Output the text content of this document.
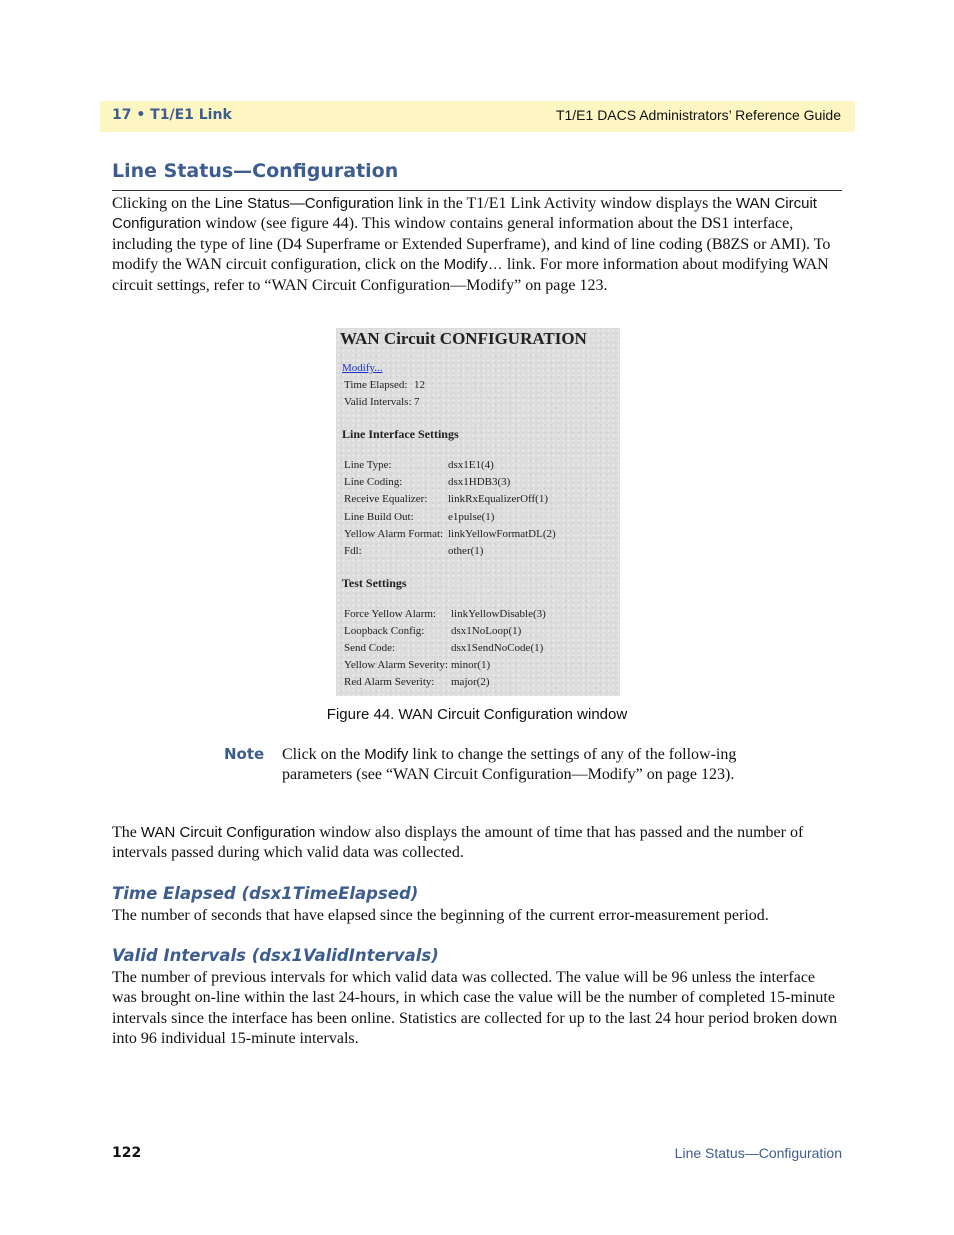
17 • T1/E1 Link	T1/E1 DACS Administrators’ Reference Guide
Line Status—Configuration

Clicking on the Line Status—Configuration link in the T1/E1 Link Activity window displays the WAN Circuit Configuration window (see figure 44). This window contains general information about the DS1 interface, including the type of line (D4 Superframe or Extended Superframe), and kind of line coding (B8ZS or AMI). To modify the WAN circuit configuration, click on the Modify… link. For more information about modifying WAN circuit settings, refer to “WAN Circuit Configuration—Modify” on page 123.

WAN Circuit CONFIGURATION
Modify...
Time Elapsed: 12
Valid Intervals: 7
Line Interface Settings
Line Type:	dsx1E1(4)
Line Coding:	dsx1HDB3(3)
Receive Equalizer: linkRxEqualizerOff(1)
Line Build Out:	e1pulse(1)
Yellow Alarm Format: linkYellowFormatDL(2)
Fdl:	other(1)
Test Settings
Force Yellow Alarm: linkYellowDisable(3)
Loopback Config: dsx1NoLoop(1)
Send Code:	dsx1SendNoCode(1)
Yellow Alarm Severity: minor(1)
Red Alarm Severity: major(2)
Figure 44. WAN Circuit Configuration window
Note Click on the Modify link to change the settings of any of the follow-ing parameters (see “WAN Circuit Configuration—Modify” on page 123).

The WAN Circuit Configuration window also displays the amount of time that has passed and the number of intervals passed during which valid data was collected.

Time Elapsed (dsx1TimeElapsed)

The number of seconds that have elapsed since the beginning of the current error-measurement period.

Valid Intervals (dsx1ValidIntervals)

The number of previous intervals for which valid data was collected. The value will be 96 unless the interface was brought on-line within the last 24-hours, in which case the value will be the number of completed 15-minute intervals since the interface has been online. Statistics are collected for up to the last 24 hour period broken down into 96 individual 15-minute intervals.

122	Line Status—Configuration
